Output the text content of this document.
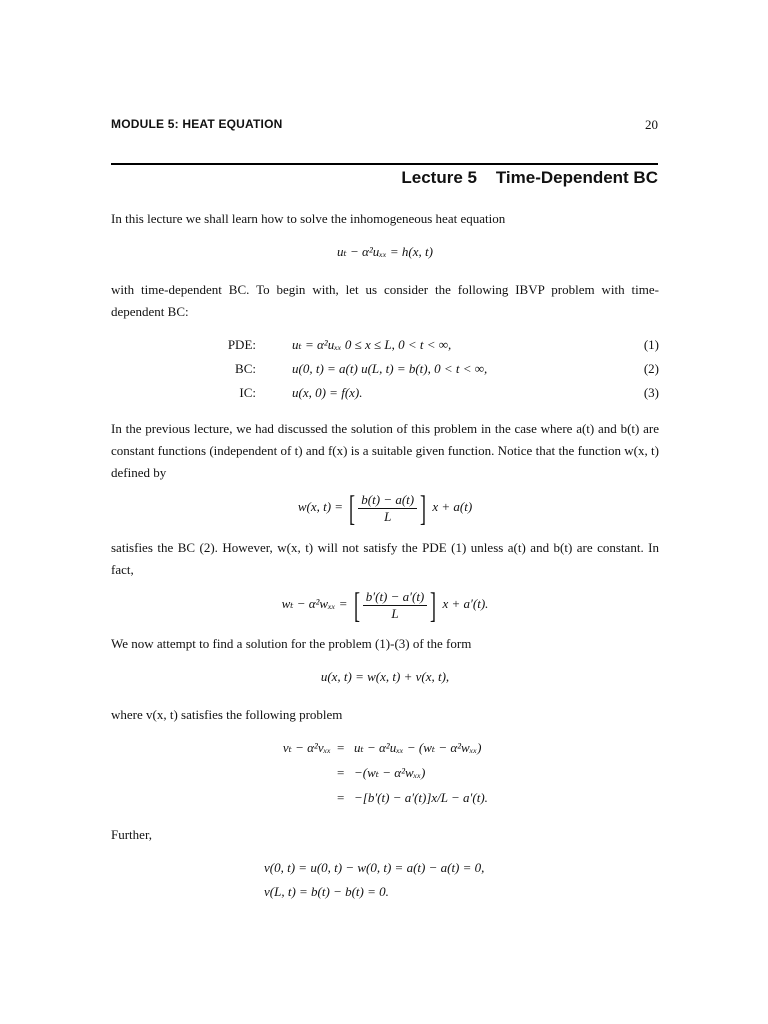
MODULE 5: HEAT EQUATION	20
Lecture 5    Time-Dependent BC
In this lecture we shall learn how to solve the inhomogeneous heat equation
uₜ − α²uₓₓ = h(x, t)
with time-dependent BC. To begin with, let us consider the following IBVP problem with time-dependent BC:
PDE:	uₜ = α²uₓₓ 0 ≤ x ≤ L, 0 < t < ∞,	(1)
BC:	u(0, t) = a(t) u(L, t) = b(t), 0 < t < ∞,	(2)
IC:	u(x, 0) = f(x).	(3)
In the previous lecture, we had discussed the solution of this problem in the case where a(t) and b(t) are constant functions (independent of t) and f(x) is a suitable given function. Notice that the function w(x, t) defined by
w(x, t) = [ $\frac{b(t) - a(t)}{L}$ ] x + a(t)
satisfies the BC (2). However, w(x, t) will not satisfy the PDE (1) unless a(t) and b(t) are constant. In fact,
wₜ − α²wₓₓ = [ $\frac{b'(t) - a'(t)}{L}$ ] x + a′(t).
We now attempt to find a solution for the problem (1)-(3) of the form
u(x, t) = w(x, t) + v(x, t),
where v(x, t) satisfies the following problem
vₜ − α²vₓₓ = uₜ − α²uₓₓ − (wₜ − α²wₓₓ)
= −(wₜ − α²wₓₓ)
= −[b′(t) − a′(t)]x/L − a′(t).
Further,
v(0, t) = u(0, t) − w(0, t) = a(t) − a(t) = 0,
v(L, t) = b(t) − b(t) = 0.
